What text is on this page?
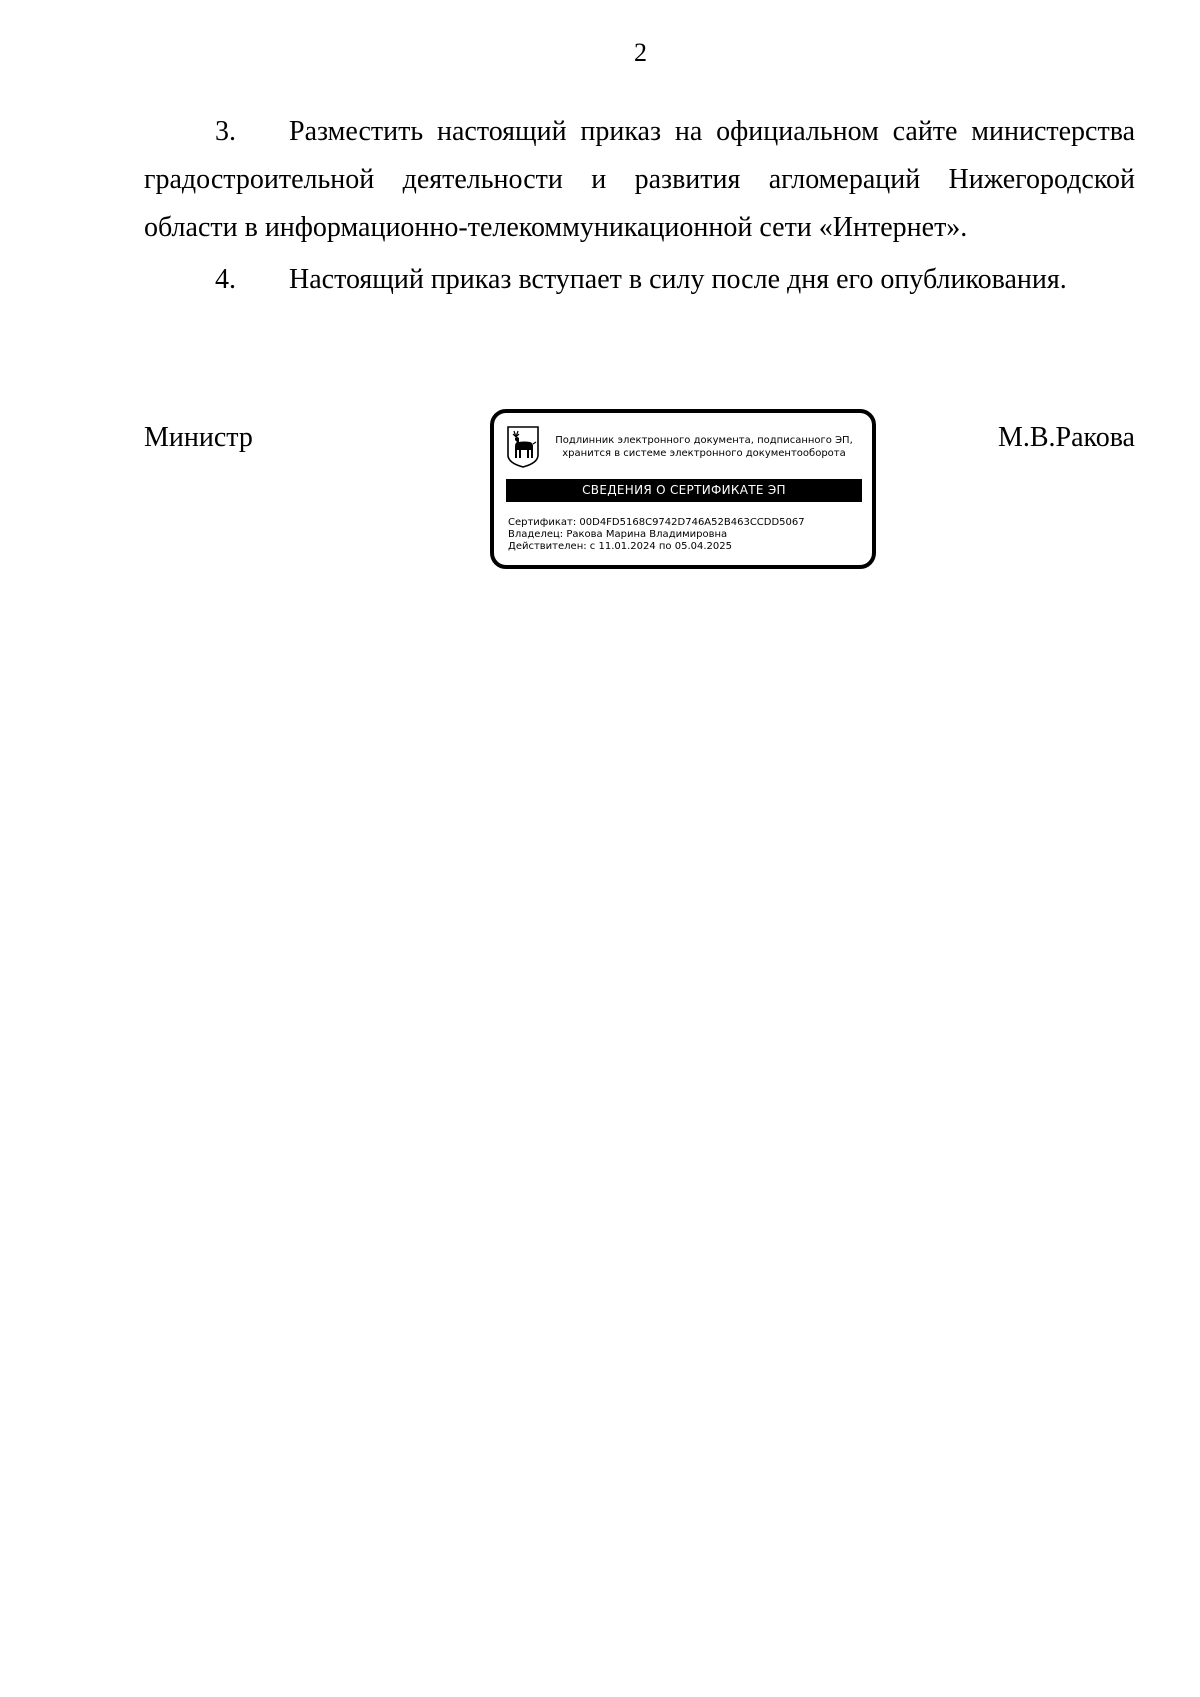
2
3. Разместить настоящий приказ на официальном сайте министерства
градостроительной деятельности и развития агломераций Нижегородской
области в информационно-телекоммуникационной сети «Интернет».
4. Настоящий приказ вступает в силу после дня его опубликования.
Министр	М.В.Ракова
Подлинник электронного документа, подписанного ЭП,
хранится в системе электронного документооборота
СВЕДЕНИЯ О СЕРТИФИКАТЕ ЭП
Сертификат: 00D4FD5168C9742D746A52B463CCDD5067
Владелец: Ракова Марина Владимировна
Действителен: с 11.01.2024 по 05.04.2025
